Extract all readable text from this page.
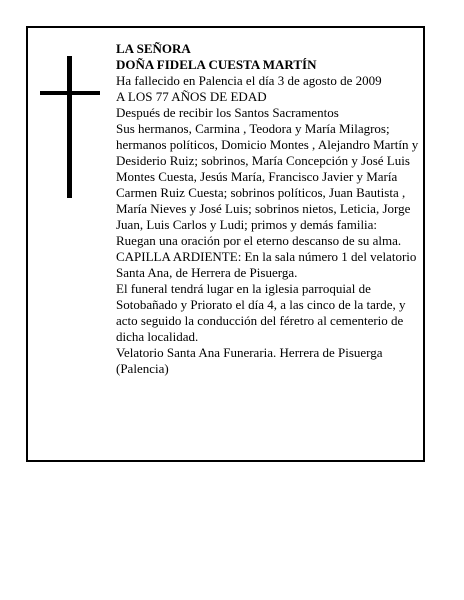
LA SEÑORA

DOÑA FIDELA CUESTA MARTÍN

Ha fallecido en Palencia el día 3 de agosto de 2009

A LOS 77 AÑOS DE EDAD

Después de recibir los Santos Sacramentos

Sus hermanos, Carmina , Teodora y María Milagros; hermanos políticos, Domicio Montes , Alejandro Martín y Desiderio Ruiz; sobrinos, María Concepción y José Luis Montes Cuesta, Jesús María, Francisco Javier y María Carmen Ruiz Cuesta; sobrinos políticos, Juan Bautista , María Nieves y José Luis; sobrinos nietos, Leticia, Jorge Juan, Luis Carlos y Ludi; primos y demás familia:

Ruegan una oración por el eterno descanso de su alma.

CAPILLA ARDIENTE: En la sala número 1 del velatorio Santa Ana, de Herrera de Pisuerga.

El funeral tendrá lugar en la iglesia parroquial de Sotobañado y Priorato el día 4, a las cinco de la tarde, y acto seguido la conducción del féretro al cementerio de dicha localidad.

Velatorio Santa Ana Funeraria. Herrera de Pisuerga (Palencia)
